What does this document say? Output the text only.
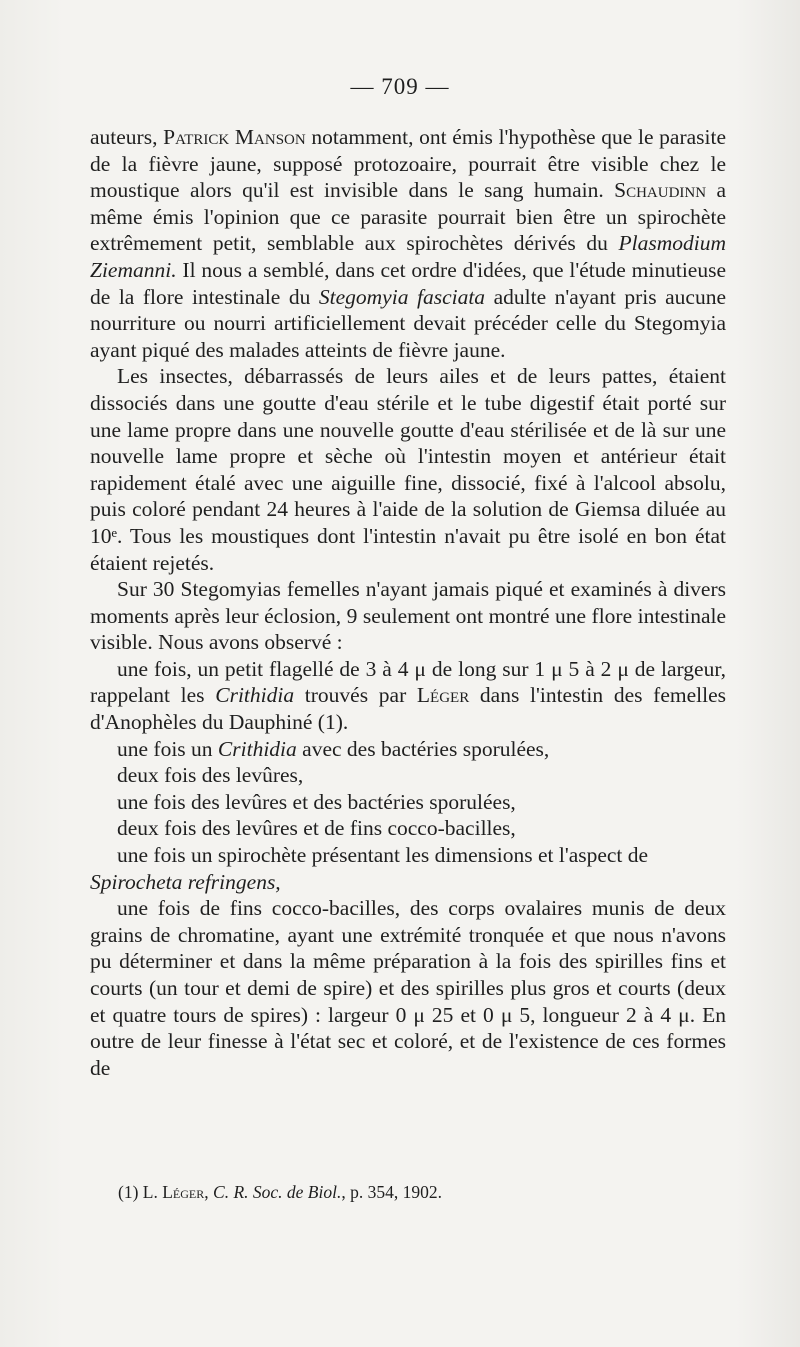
— 709 —

auteurs, Patrick Manson notamment, ont émis l'hypothèse que le parasite de la fièvre jaune, supposé protozoaire, pourrait être visible chez le moustique alors qu'il est invisible dans le sang humain. Schaudinn a même émis l'opinion que ce parasite pourrait bien être un spirochète extrêmement petit, semblable aux spirochètes dérivés du Plasmodium Ziemanni. Il nous a semblé, dans cet ordre d'idées, que l'étude minutieuse de la flore intestinale du Stegomyia fasciata adulte n'ayant pris aucune nourriture ou nourri artificiellement devait précéder celle du Stegomyia ayant piqué des malades atteints de fièvre jaune.

Les insectes, débarrassés de leurs ailes et de leurs pattes, étaient dissociés dans une goutte d'eau stérile et le tube digestif était porté sur une lame propre dans une nouvelle goutte d'eau stérilisée et de là sur une nouvelle lame propre et sèche où l'intestin moyen et antérieur était rapidement étalé avec une aiguille fine, dissocié, fixé à l'alcool absolu, puis coloré pendant 24 heures à l'aide de la solution de Giemsa diluée au 10ᵉ. Tous les moustiques dont l'intestin n'avait pu être isolé en bon état étaient rejetés.

Sur 30 Stegomyias femelles n'ayant jamais piqué et examinés à divers moments après leur éclosion, 9 seulement ont montré une flore intestinale visible. Nous avons observé :

une fois, un petit flagellé de 3 à 4 μ de long sur 1 μ 5 à 2 μ de largeur, rappelant les Crithidia trouvés par Léger dans l'intestin des femelles d'Anophèles du Dauphiné (1).

une fois un Crithidia avec des bactéries sporulées,

deux fois des levûres,

une fois des levûres et des bactéries sporulées,

deux fois des levûres et de fins cocco-bacilles,

une fois un spirochète présentant les dimensions et l'aspect de
Spirocheta refringens,

une fois de fins cocco-bacilles, des corps ovalaires munis de deux grains de chromatine, ayant une extrémité tronquée et que nous n'avons pu déterminer et dans la même préparation à la fois des spirilles fins et courts (un tour et demi de spire) et des spirilles plus gros et courts (deux et quatre tours de spires) : largeur 0 μ 25 et 0 μ 5, longueur 2 à 4 μ. En outre de leur finesse à l'état sec et coloré, et de l'existence de ces formes de

(1) L. Léger, C. R. Soc. de Biol., p. 354, 1902.
